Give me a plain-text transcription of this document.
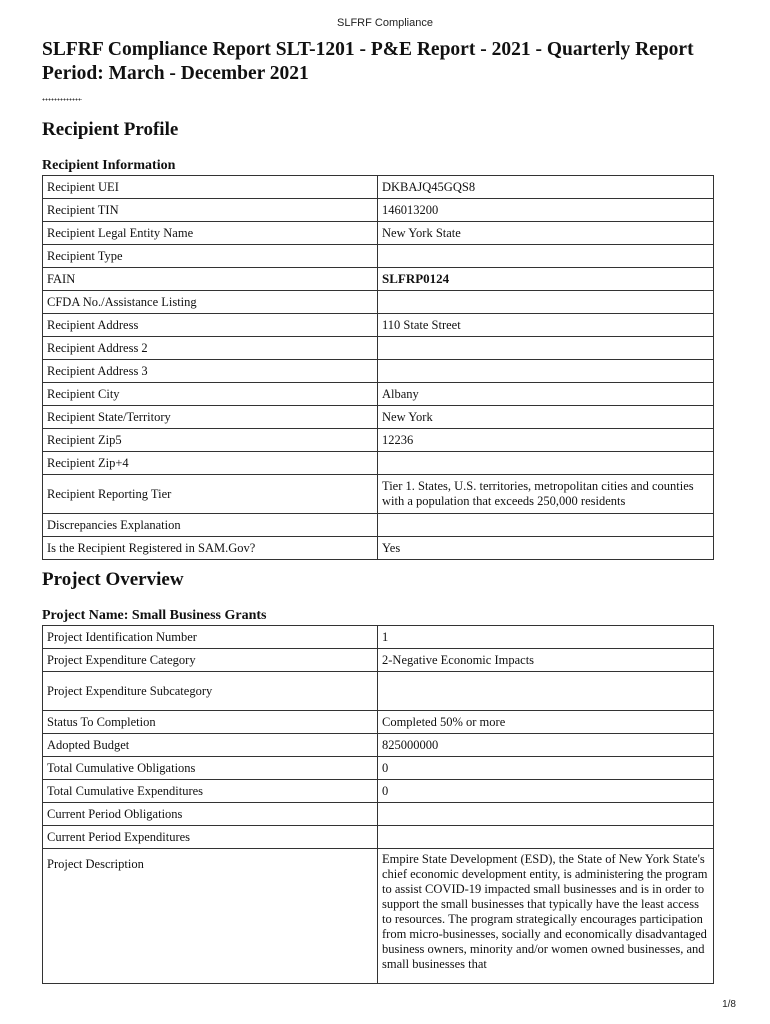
SLFRF Compliance
SLFRF Compliance Report SLT-1201 - P&E Report - 2021 - Quarterly Report Period: March - December 2021
Recipient Profile
Recipient Information
Recipient UEI	DKBAJQ45GQS8
Recipient TIN	146013200
Recipient Legal Entity Name	New York State
Recipient Type	
FAIN	SLFRP0124
CFDA No./Assistance Listing	
Recipient Address	110 State Street
Recipient Address 2	
Recipient Address 3	
Recipient City	Albany
Recipient State/Territory	New York
Recipient Zip5	12236
Recipient Zip+4	
Recipient Reporting Tier	Tier 1. States, U.S. territories, metropolitan cities and counties with a population that exceeds 250,000 residents
Discrepancies Explanation	
Is the Recipient Registered in SAM.Gov?	Yes
Project Overview
Project Name: Small Business Grants
Project Identification Number	1
Project Expenditure Category	2-Negative Economic Impacts
Project Expenditure Subcategory	
Status To Completion	Completed 50% or more
Adopted Budget	825000000
Total Cumulative Obligations	0
Total Cumulative Expenditures	0
Current Period Obligations	
Current Period Expenditures	
Project Description	Empire State Development (ESD), the State of New York State's chief economic development entity, is administering the program to assist COVID-19 impacted small businesses and is in order to support the small businesses that typically have the least access to resources. The program strategically encourages participation from micro-businesses, socially and economically disadvantaged business owners, minority and/or women owned businesses, and small businesses that
1/8
